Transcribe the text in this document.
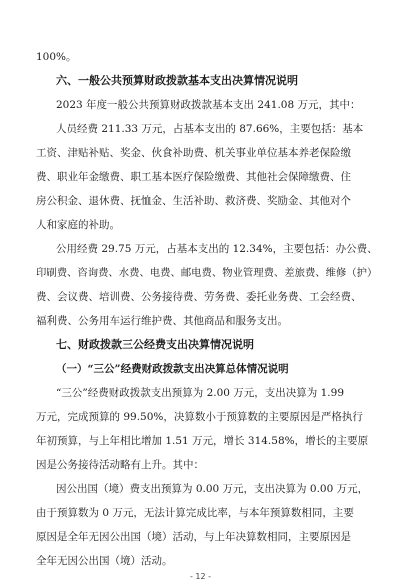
100%。
六、一般公共预算财政拨款基本支出决算情况说明
2023 年度一般公共预算财政拨款基本支出 241.08 万元，其中：
人员经费 211.33 万元，占基本支出的 87.66%，主要包括：基本
工资、津贴补贴、奖金、伙食补助费、机关事业单位基本养老保险缴
费、职业年金缴费、职工基本医疗保险缴费、其他社会保障缴费、住
房公积金、退休费、抚恤金、生活补助、救济费、奖励金、其他对个
人和家庭的补助。
公用经费 29.75 万元，占基本支出的 12.34%，主要包括：办公费、
印刷费、咨询费、水费、电费、邮电费、物业管理费、差旅费、维修（护）
费、会议费、培训费、公务接待费、劳务费、委托业务费、工会经费、
福利费、公务用车运行维护费、其他商品和服务支出。
七、财政拨款三公经费支出决算情况说明
（一）“三公”经费财政拨款支出决算总体情况说明
“三公”经费财政拨款支出预算为 2.00 万元，支出决算为 1.99
万元，完成预算的 99.50%，决算数小于预算数的主要原因是严格执行
年初预算，与上年相比增加 1.51 万元，增长 314.58%，增长的主要原
因是公务接待活动略有上升。其中：
因公出国（境）费支出预算为 0.00 万元，支出决算为 0.00 万元，
由于预算数为 0 万元，无法计算完成比率，与本年预算数相同，主要
原因是全年无因公出国（境）活动，与上年决算数相同，主要原因是
全年无因公出国（境）活动。
- 12 -
